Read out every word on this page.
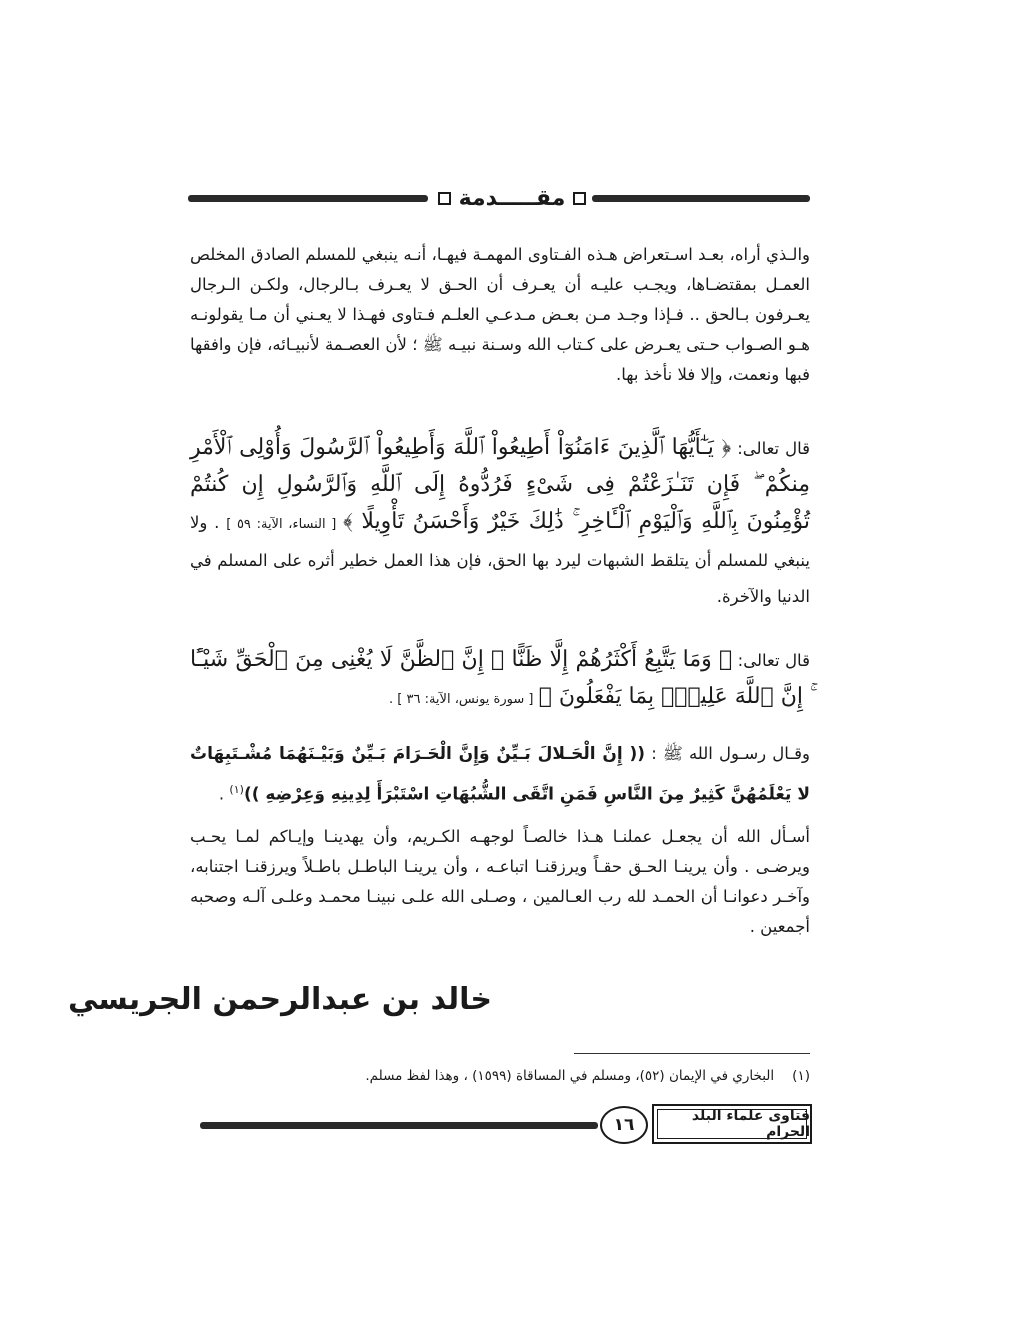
مقـــــدمة
والـذي أراه، بعـد اسـتعراض هـذه الفـتاوى المهمـة فيهـا، أنـه ينبغي للمسلم الصادق المخلص العمـل بمقتضـاها، ويجـب عليـه أن يعـرف أن الحـق لا يعـرف بـالرجال، ولكـن الـرجال يعـرفون بـالحق .. فـإذا وجـد مـن بعـض مـدعـي العلـم فـتاوى فهـذا لا يعـني أن مـا يقولونـه هـو الصـواب حـتى يعـرض على كـتاب الله وسـنة نبيـه ﷺ ؛ لأن العصـمة لأنبيـائه، فإن وافقها فبها ونعمت، وإلا فلا نأخذ بها.
قال تعالى: ﴿ يَـٰٓأَيُّهَا ٱلَّذِينَ ءَامَنُوٓاْ أَطِيعُواْ ٱللَّهَ وَأَطِيعُواْ ٱلرَّسُولَ وَأُوْلِى ٱلْأَمْرِ مِنكُمْ ۖ فَإِن تَنَـٰزَعْتُمْ فِى شَىْءٍ فَرُدُّوهُ إِلَى ٱللَّهِ وَٱلرَّسُولِ إِن كُنتُمْ تُؤْمِنُونَ بِٱللَّهِ وَٱلْيَوْمِ ٱلْـَٔاخِرِ ۚ ذَٰلِكَ خَيْرٌ وَأَحْسَنُ تَأْوِيلًا ﴾ [ النساء، الآية: ٥٩ ] . ولا ينبغي للمسلم أن يتلقط الشبهات ليرد بها الحق، فإن هذا العمل خطير أثره على المسلم في الدنيا والآخرة.
قال تعالى: ﴿ وَمَا يَتَّبِعُ أَكْثَرُهُمْ إِلَّا ظَنًّا ۚ إِنَّ ٱلظَّنَّ لَا يُغْنِى مِنَ ٱلْحَقِّ شَيْـًٔا ۚ إِنَّ ٱللَّهَ عَلِيمٌۢ بِمَا يَفْعَلُونَ ﴾ [ سورة يونس، الآية: ٣٦ ] .
وقـال رسـول الله ﷺ : (( إِنَّ الْحَـلالَ بَـيِّنٌ وَإِنَّ الْحَـرَامَ بَـيِّنٌ وَبَيْـنَهُمَا مُشْـتَبِهَاتٌ لا يَعْلَمُهُنَّ كَثِيرٌ مِنَ النَّاسِ فَمَنِ اتَّقَى الشُّبُهَاتِ اسْتَبْرَأَ لِدِينِهِ وَعِرْضِهِ ))$^{(١)}$ .
أسـأل الله أن يجعـل عملنـا هـذا خالصـاً لوجهـه الكـريم، وأن يهدينـا وإيـاكم لمـا يحـب ويرضـى . وأن يرينـا الحـق حقـاً ويرزقنـا اتباعـه ، وأن يرينـا الباطـل باطـلاً ويرزقنـا اجتنابه، وآخـر دعوانـا أن الحمـد لله رب العـالمين ، وصـلى الله علـى نبينـا محمـد وعلـى آلـه وصحبه أجمعين .
خالد بن عبدالرحمن الجريسي
(١)
البخاري في الإيمان (٥٢)، ومسلم في المساقاة (١٥٩٩) ، وهذا لفظ مسلم.
١٦	فتاوى علماء البلد الحرام
